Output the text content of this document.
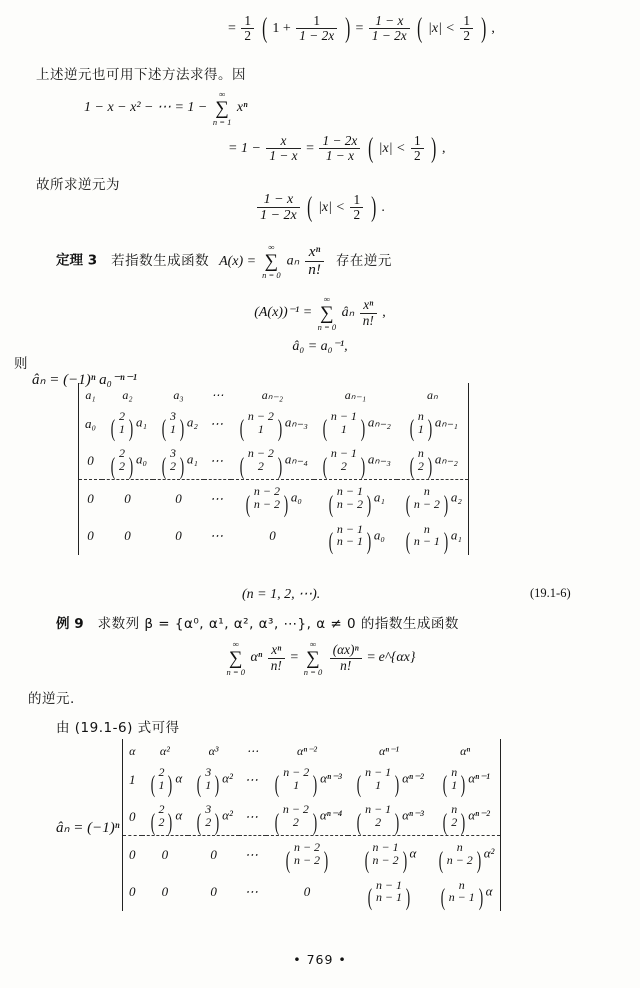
= $\frac{1}{2}$ ( $1 + \frac{1}{1 - 2x}$ ) = $\frac{1 - x}{1 - 2x}$ ( $|x| < \frac{1}{2}$ ) ,
上述逆元也可用下述方法求得。因
1 − x − x² − ⋯ = 1 −
∞
∑
n = 1
xⁿ
= $1 - \frac{x}{1 - x} = \frac{1 - 2x}{1 - x}$ ( $|x| < \frac{1}{2}$ ) ,
故所求逆元为
$\frac{1 - x}{1 - 2x}$ ( $|x| < \frac{1}{2}$ ) .
定理 3 若指数生成函数 A(x) =
∞
∑
n = 0
aₙ $\frac{\text{xⁿ}}{n!}$ 存在逆元
(A(x))⁻¹ =
∞
∑
n = 0
âₙ $\frac{\text{xⁿ}}{n!}$ ,
â₀ = a₀⁻¹,
则
âₙ = (−1)ⁿ a₀⁻ⁿ⁻¹
a₁	a₂	a₃	⋯	aₙ₋₂	aₙ₋₁	aₙ
a₀	(
2
1 ) a₁	(
3
1 ) a₂	⋯	(
n − 2
1 ) aₙ₋₃	(
n − 1
1 ) aₙ₋₂	(
n
1 ) aₙ₋₁
0	(
2
2 ) a₀	(
3
2 ) a₁	⋯	(
n − 2
2 ) aₙ₋₄	(
n − 1
2 ) aₙ₋₃	(
n
2 ) aₙ₋₂
0	0	0	⋯	(
n − 2
n − 2 ) a₀	(
n − 1
n − 2 ) a₁	(
n
n − 2 ) a₂
0	0	0	⋯	0	(
n − 1
n − 1 ) a₀	(
n
n − 1 ) a₁
(n = 1, 2, ⋯).	(19.1-6)
例 9 求数列 β = {α⁰, α¹, α², α³, ⋯}, α ≠ 0 的指数生成函数
∞
∑
n = 0
αⁿ $\frac{\text{xⁿ}}{n!}$ =
∞
∑
n = 0
$\frac{\text{(αx)ⁿ}}{n!}$ = e^{αx}
的逆元.
由 (19.1-6) 式可得
âₙ = (−1)ⁿ
α	α²	α³	⋯	αⁿ⁻²	αⁿ⁻¹	αⁿ
1	(
2
1 ) α	(
3
1 ) α²	⋯	(
n − 2
1 ) αⁿ⁻³	(
n − 1
1 ) αⁿ⁻²	(
n
1 ) αⁿ⁻¹
0	(
2
2 ) α	(
3
2 ) α²	⋯	(
n − 2
2 ) αⁿ⁻⁴	(
n − 1
2 ) αⁿ⁻³	(
n
2 ) αⁿ⁻²
0	0	0	⋯	(
n − 2
n − 2 )	(
n − 1
n − 2 ) α	(
n
n − 2 ) α²
0	0	0	⋯	0	(
n − 1
n − 1 )	(
n
n − 1 ) α
• 769 •
